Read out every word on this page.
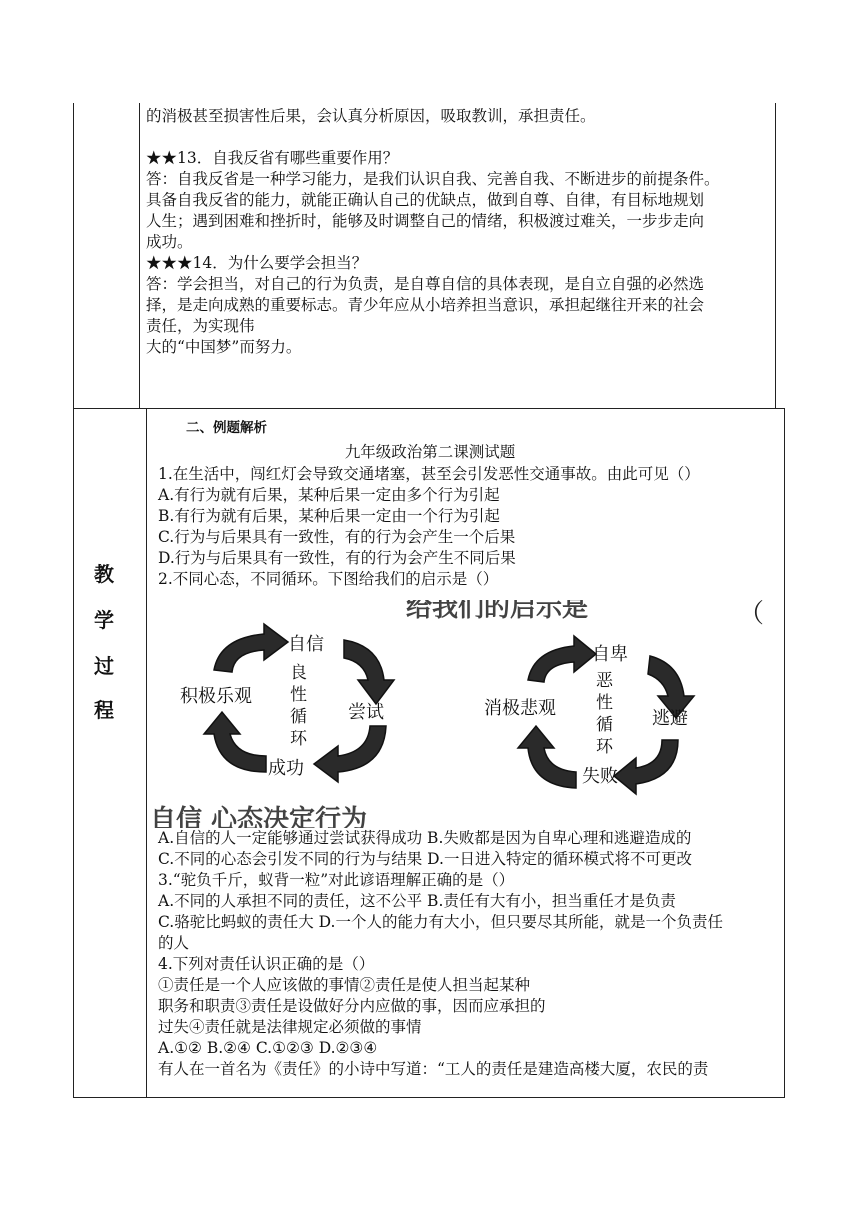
的消极甚至损害性后果，会认真分析原因，吸取教训，承担责任。
★★13．自我反省有哪些重要作用？
答：自我反省是一种学习能力，是我们认识自我、完善自我、不断进步的前提条件。
具备自我反省的能力，就能正确认自己的优缺点，做到自尊、自律，有目标地规划
人生；遇到困难和挫折时，能够及时调整自己的情绪，积极渡过难关，一步步走向
成功。
★★★14．为什么要学会担当？
答：学会担当，对自己的行为负责，是自尊自信的具体表现，是自立自强的必然选
择，是走向成熟的重要标志。青少年应从小培养担当意识，承担起继往开来的社会
责任，为实现伟
大的“中国梦”而努力。
教
学
过
程
二、例题解析
九年级政治第二课测试题
1.在生活中，闯红灯会导致交通堵塞，甚至会引发恶性交通事故。由此可见（）
A.有行为就有后果，某种后果一定由多个行为引起
B.有行为就有后果，某种后果一定由一个行为引起
C.行为与后果具有一致性，有的行为会产生一个后果
D.行为与后果具有一致性，有的行为会产生不同后果
2.不同心态，不同循环。下图给我们的启示是（）
给我们的启示是	（
自信
尝试
成功
积极乐观
良
性
循
环
自卑
逃避
失败
消极悲观
恶
性
循
环
自信 心态决定行为
A.自信的人一定能够通过尝试获得成功 B.失败都是因为自卑心理和逃避造成的
C.不同的心态会引发不同的行为与结果 D.一日进入特定的循环模式将不可更改
3.“驼负千斤，蚁背一粒”对此谚语理解正确的是（）
A.不同的人承担不同的责任，这不公平 B.责任有大有小，担当重任才是负责
C.骆驼比蚂蚁的责任大 D.一个人的能力有大小，但只要尽其所能，就是一个负责任
的人
4.下列对责任认识正确的是（）
①责任是一个人应该做的事情②责任是使人担当起某种
职务和职责③责任是设做好分内应做的事，因而应承担的
过失④责任就是法律规定必须做的事情
A.①② B.②④ C.①②③ D.②③④
有人在一首名为《责任》的小诗中写道：“工人的责任是建造高楼大厦，农民的责
